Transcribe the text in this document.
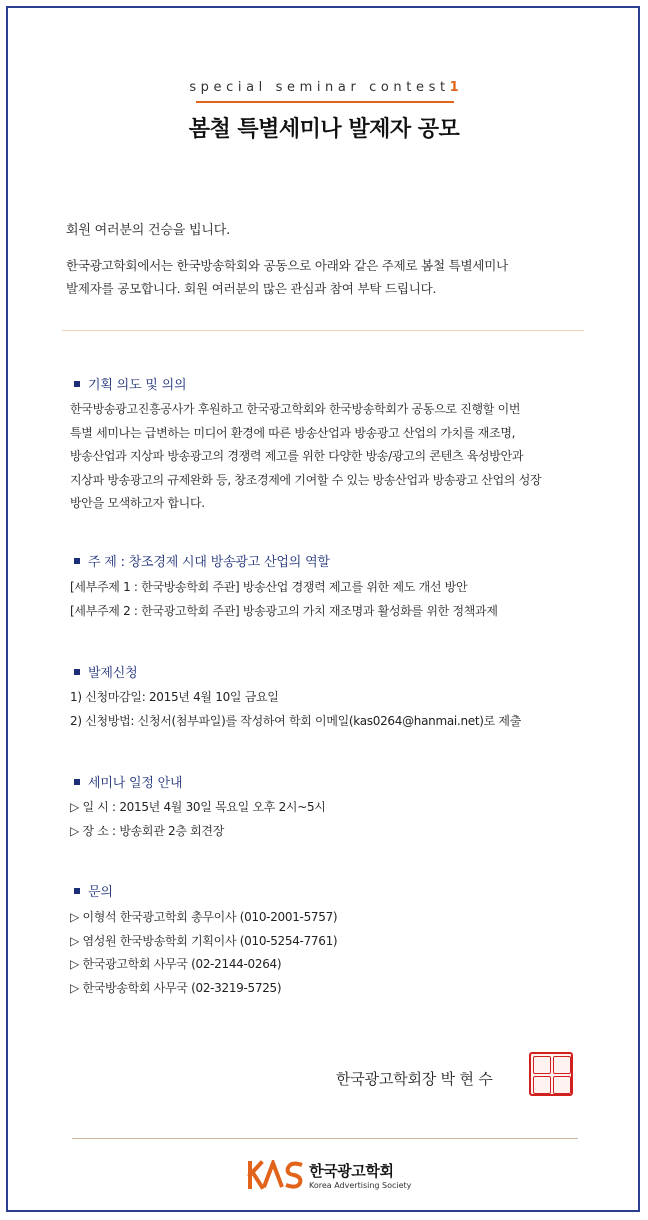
special seminar contest1
봄철 특별세미나 발제자 공모
회원 여러분의 건승을 빕니다.
한국광고학회에서는 한국방송학회와 공동으로 아래와 같은 주제로 봄철 특별세미나
발제자를 공모합니다. 회원 여러분의 많은 관심과 참여 부탁 드립니다.
기획 의도 및 의의
한국방송광고진흥공사가 후원하고 한국광고학회와 한국방송학회가 공동으로 진행할 이번
특별 세미나는 급변하는 미디어 환경에 따른 방송산업과 방송광고 산업의 가치를 재조명,
방송산업과 지상파 방송광고의 경쟁력 제고를 위한 다양한 방송/광고의 콘텐츠 육성방안과
지상파 방송광고의 규제완화 등, 창조경제에 기여할 수 있는 방송산업과 방송광고 산업의 성장
방안을 모색하고자 합니다.
주 제 : 창조경제 시대 방송광고 산업의 역할
[세부주제 1 : 한국방송학회 주관] 방송산업 경쟁력 제고를 위한 제도 개선 방안
[세부주제 2 : 한국광고학회 주관] 방송광고의 가치 재조명과 활성화를 위한 정책과제
발제신청
1) 신청마감일: 2015년 4월 10일 금요일
2) 신청방법: 신청서(첨부파일)를 작성하여 학회 이메일(kas0264@hanmai.net)로 제출
세미나 일정 안내
▷ 일 시 : 2015년 4월 30일 목요일 오후 2시~5시
▷ 장 소 : 방송회관 2층 회견장
문의
▷ 이형석 한국광고학회 총무이사 (010-2001-5757)
▷ 염성원 한국방송학회 기획이사 (010-5254-7761)
▷ 한국광고학회 사무국 (02-2144-0264)
▷ 한국방송학회 사무국 (02-3219-5725)
한국광고학회장 박 현 수
한국광고학회
Korea Advertising Society
